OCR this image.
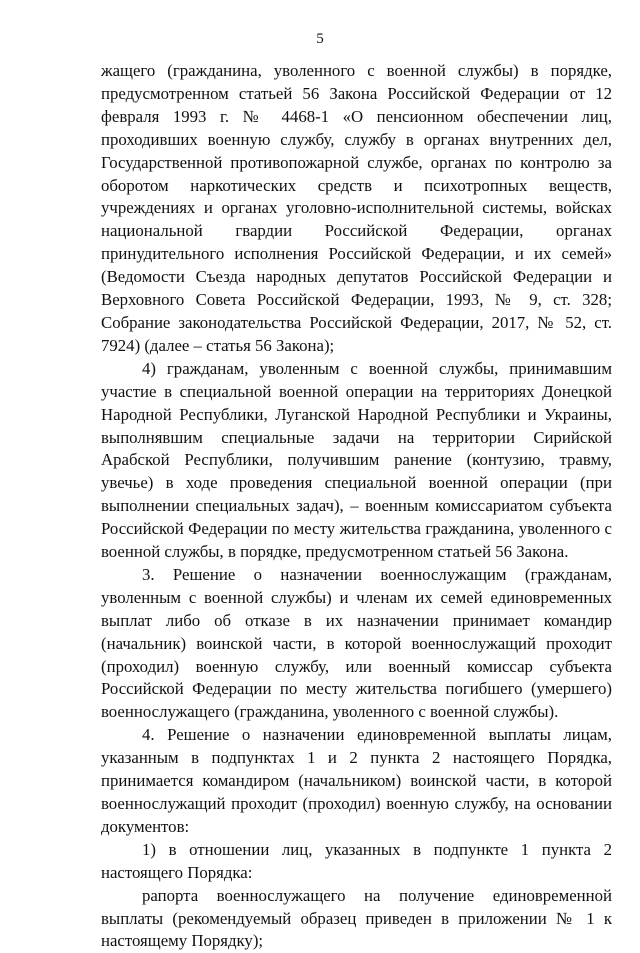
5

жащего (гражданина, уволенного с военной службы) в порядке, предусмотренном статьей 56 Закона Российской Федерации от 12 февраля 1993 г. № 4468-1 «О пенсионном обеспечении лиц, проходивших военную службу, службу в органах внутренних дел, Государственной противопожарной службе, органах по контролю за оборотом наркотических средств и психотропных веществ, учреждениях и органах уголовно-исполнительной системы, войсках национальной гвардии Российской Федерации, органах принудительного исполнения Российской Федерации, и их семей» (Ведомости Съезда народных депутатов Российской Федерации и Верховного Совета Российской Федерации, 1993, № 9, ст. 328; Собрание законодательства Российской Федерации, 2017, № 52, ст. 7924) (далее – статья 56 Закона);

4) гражданам, уволенным с военной службы, принимавшим участие в специальной военной операции на территориях Донецкой Народной Республики, Луганской Народной Республики и Украины, выполнявшим специальные задачи на территории Сирийской Арабской Республики, получившим ранение (контузию, травму, увечье) в ходе проведения специальной военной операции (при выполнении специальных задач), – военным комиссариатом субъекта Российской Федерации по месту жительства гражданина, уволенного с военной службы, в порядке, предусмотренном статьей 56 Закона.

3. Решение о назначении военнослужащим (гражданам, уволенным с военной службы) и членам их семей единовременных выплат либо об отказе в их назначении принимает командир (начальник) воинской части, в которой военнослужащий проходит (проходил) военную службу, или военный комиссар субъекта Российской Федерации по месту жительства погибшего (умершего) военнослужащего (гражданина, уволенного с военной службы).

4. Решение о назначении единовременной выплаты лицам, указанным в подпунктах 1 и 2 пункта 2 настоящего Порядка, принимается командиром (начальником) воинской части, в которой военнослужащий проходит (проходил) военную службу, на основании документов:

1) в отношении лиц, указанных в подпункте 1 пункта 2 настоящего Порядка:

рапорта военнослужащего на получение единовременной выплаты (рекомендуемый образец приведен в приложении № 1 к настоящему Порядку);
